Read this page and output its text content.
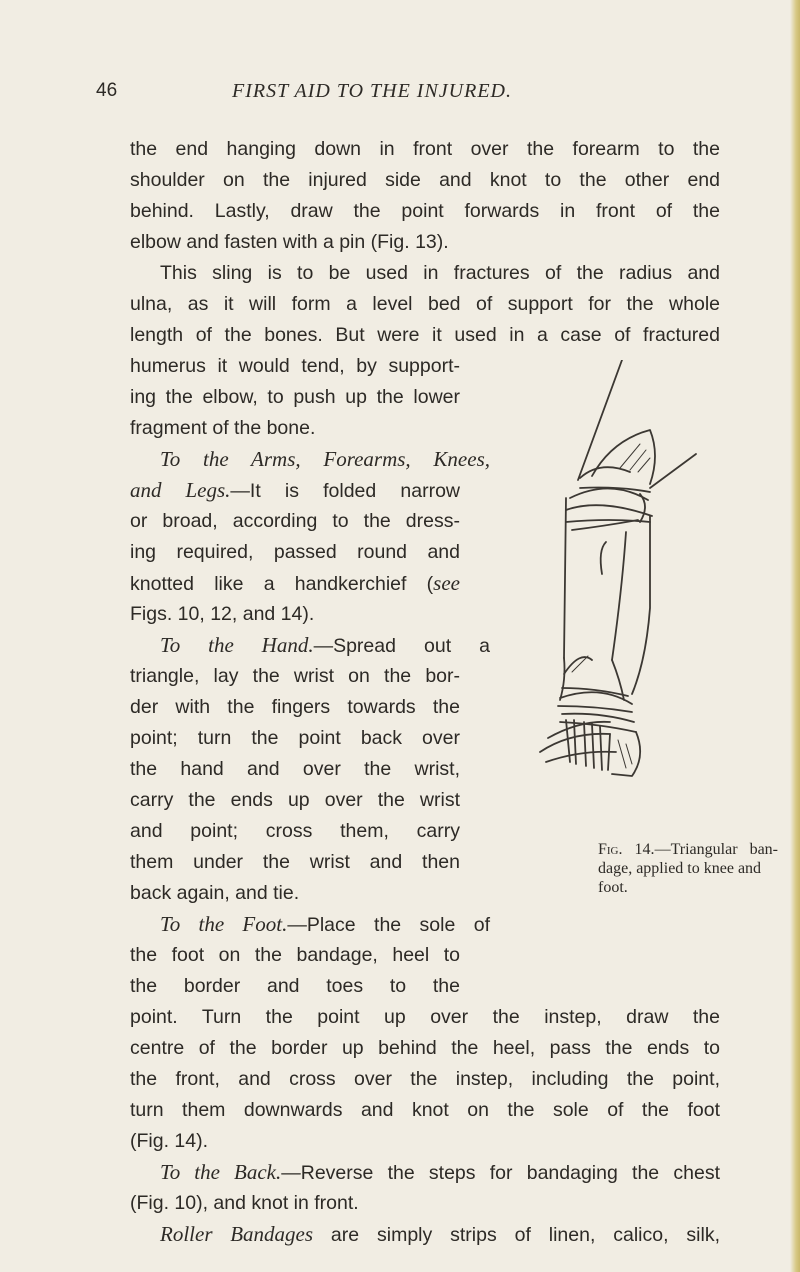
46	FIRST AID TO THE INJURED.
the end hanging down in front over the forearm to the
shoulder on the injured side and knot to the other end
behind. Lastly, draw the point forwards in front of the
elbow and fasten with a pin (Fig. 13).
This sling is to be used in fractures of the radius and
ulna, as it will form a level bed of support for the whole
length of the bones. But were it used in a case of fractured
humerus it would tend, by support-
ing the elbow, to push up the lower
fragment of the bone.
To the Arms, Forearms, Knees,
and Legs.—It is folded narrow
or broad, according to the dress-
ing required, passed round and
knotted like a handkerchief (see
Figs. 10, 12, and 14).
To the Hand.—Spread out a
triangle, lay the wrist on the bor-
der with the fingers towards the
point; turn the point back over
the hand and over the wrist,
carry the ends up over the wrist
and point; cross them, carry
them under the wrist and then
back again, and tie.
To the Foot.—Place the sole of
the foot on the bandage, heel to
the border and toes to the
point. Turn the point up over the instep, draw the
centre of the border up behind the heel, pass the ends to
the front, and cross over the instep, including the point,
turn them downwards and knot on the sole of the foot
(Fig. 14).
To the Back.—Reverse the steps for bandaging the chest
(Fig. 10), and knot in front.
Roller Bandages are simply strips of linen, calico, silk,
Fig. 14.—Triangular ban-
dage, applied to knee and
foot.
